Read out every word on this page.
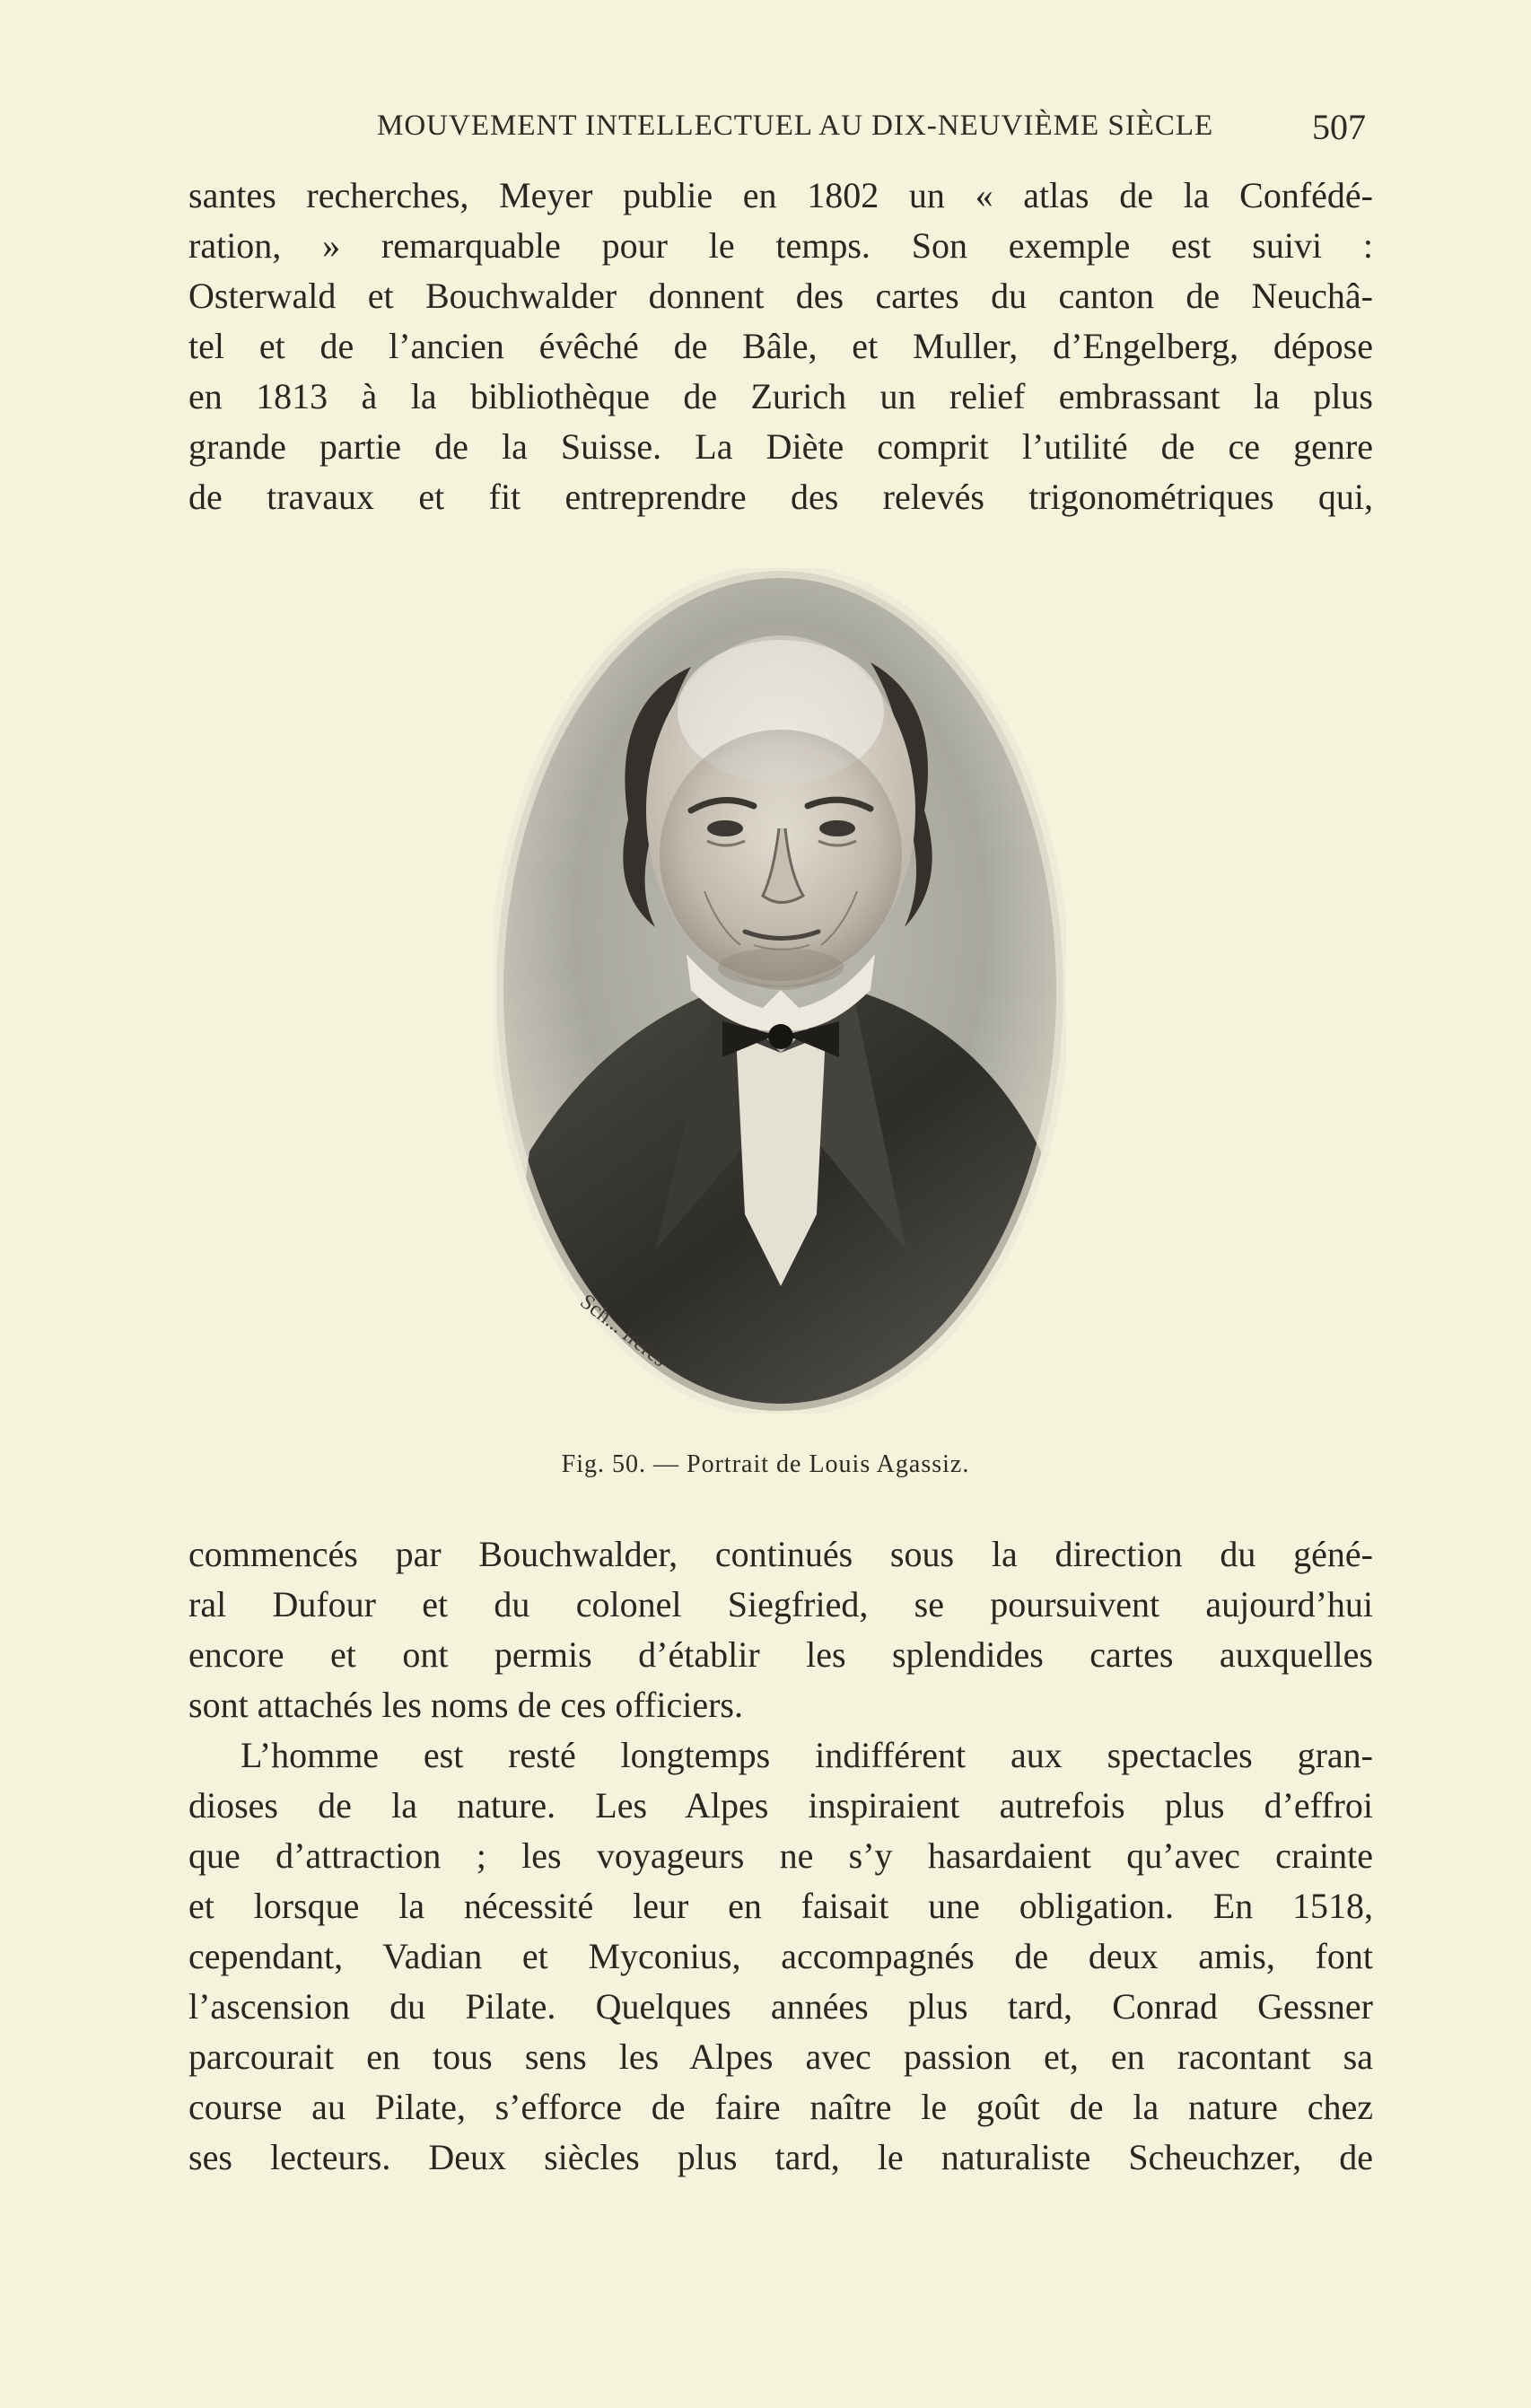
MOUVEMENT INTELLECTUEL AU DIX-NEUVIÈME SIÈCLE	507
santes recherches, Meyer publie en 1802 un « atlas de la Confédé-
ration, » remarquable pour le temps. Son exemple est suivi :
Osterwald et Bouchwalder donnent des cartes du canton de Neuchâ-
tel et de l’ancien évêché de Bâle, et Muller, d’Engelberg, dépose
en 1813 à la bibliothèque de Zurich un relief embrassant la plus
grande partie de la Suisse. La Diète comprit l’utilité de ce genre
de travaux et fit entreprendre des relevés trigonométriques qui,
Sch... freres
Fig. 50. — Portrait de Louis Agassiz.
commencés par Bouchwalder, continués sous la direction du géné-
ral Dufour et du colonel Siegfried, se poursuivent aujourd’hui
encore et ont permis d’établir les splendides cartes auxquelles
sont attachés les noms de ces officiers.
L’homme est resté longtemps indifférent aux spectacles gran-
dioses de la nature. Les Alpes inspiraient autrefois plus d’effroi
que d’attraction ; les voyageurs ne s’y hasardaient qu’avec crainte
et lorsque la nécessité leur en faisait une obligation. En 1518,
cependant, Vadian et Myconius, accompagnés de deux amis, font
l’ascension du Pilate. Quelques années plus tard, Conrad Gessner
parcourait en tous sens les Alpes avec passion et, en racontant sa
course au Pilate, s’efforce de faire naître le goût de la nature chez
ses lecteurs. Deux siècles plus tard, le naturaliste Scheuchzer, de
